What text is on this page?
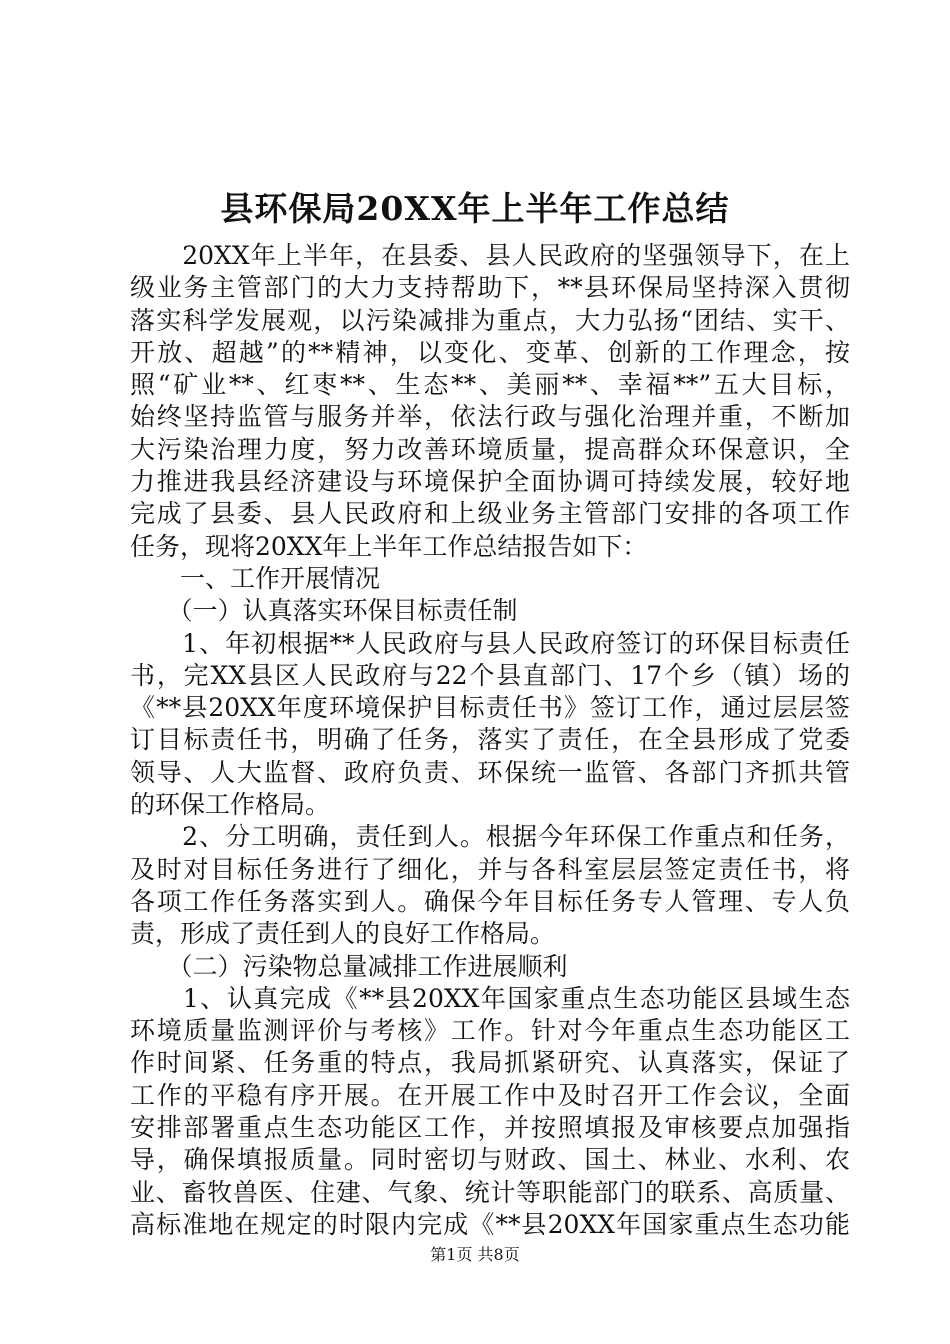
县环保局20XX年上半年工作总结
　　20XX年上半年，在县委、县人民政府的坚强领导下，在上
级业务主管部门的大力支持帮助下，**县环保局坚持深入贯彻
落实科学发展观，以污染减排为重点，大力弘扬“团结、实干、
开放、超越”的**精神，以变化、变革、创新的工作理念，按
照“矿业**、红枣**、生态**、美丽**、幸福**”五大目标，
始终坚持监管与服务并举，依法行政与强化治理并重，不断加
大污染治理力度，努力改善环境质量，提高群众环保意识，全
力推进我县经济建设与环境保护全面协调可持续发展，较好地
完成了县委、县人民政府和上级业务主管部门安排的各项工作
任务，现将20XX年上半年工作总结报告如下：
　　一、工作开展情况
　　（一）认真落实环保目标责任制
　　1、年初根据**人民政府与县人民政府签订的环保目标责任
书，完XX县区人民政府与22个县直部门、17个乡（镇）场的
《**县20XX年度环境保护目标责任书》签订工作，通过层层签
订目标责任书，明确了任务，落实了责任，在全县形成了党委
领导、人大监督、政府负责、环保统一监管、各部门齐抓共管
的环保工作格局。
　　2、分工明确，责任到人。根据今年环保工作重点和任务，
及时对目标任务进行了细化，并与各科室层层签定责任书，将
各项工作任务落实到人。确保今年目标任务专人管理、专人负
责，形成了责任到人的良好工作格局。
　　（二）污染物总量减排工作进展顺利
　　1、认真完成《**县20XX年国家重点生态功能区县域生态
环境质量监测评价与考核》工作。针对今年重点生态功能区工
作时间紧、任务重的特点，我局抓紧研究、认真落实，保证了
工作的平稳有序开展。在开展工作中及时召开工作会议，全面
安排部署重点生态功能区工作，并按照填报及审核要点加强指
导，确保填报质量。同时密切与财政、国土、林业、水利、农
业、畜牧兽医、住建、气象、统计等职能部门的联系、高质量、
高标准地在规定的时限内完成《**县20XX年国家重点生态功能
第1页 共8页
